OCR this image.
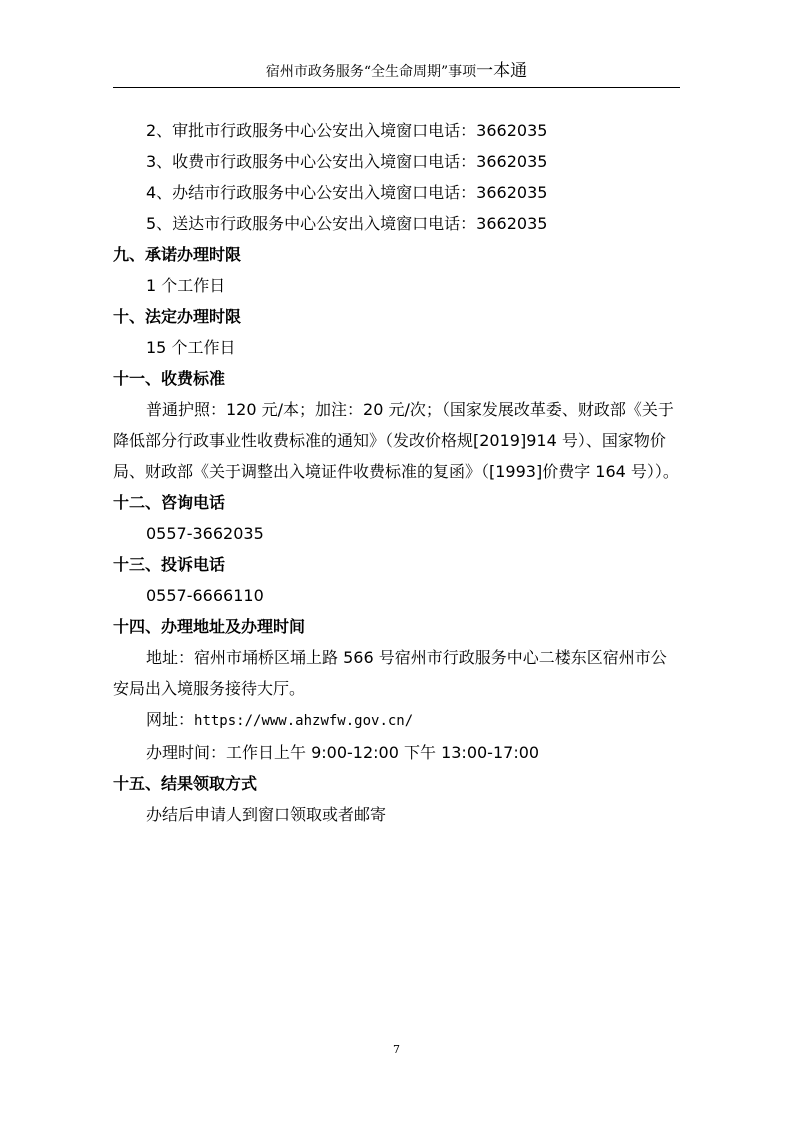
宿州市政务服务“全生命周期”事项一本通
2、审批市行政服务中心公安出入境窗口电话：3662035
3、收费市行政服务中心公安出入境窗口电话：3662035
4、办结市行政服务中心公安出入境窗口电话：3662035
5、送达市行政服务中心公安出入境窗口电话：3662035
九、承诺办理时限
1 个工作日
十、法定办理时限
15 个工作日
十一、收费标准
普通护照：120 元/本；加注：20 元/次；（国家发展改革委、财政部《关于降低部分行政事业性收费标准的通知》（发改价格规[2019]914 号）、国家物价局、财政部《关于调整出入境证件收费标准的复函》（[1993]价费字 164 号））。
十二、咨询电话
0557-3662035
十三、投诉电话
0557-6666110
十四、办理地址及办理时间
地址：宿州市埇桥区埇上路 566 号宿州市行政服务中心二楼东区宿州市公安局出入境服务接待大厅。
网址：https://www.ahzwfw.gov.cn/
办理时间：工作日上午 9:00-12:00 下午 13:00-17:00
十五、结果领取方式
办结后申请人到窗口领取或者邮寄
7
